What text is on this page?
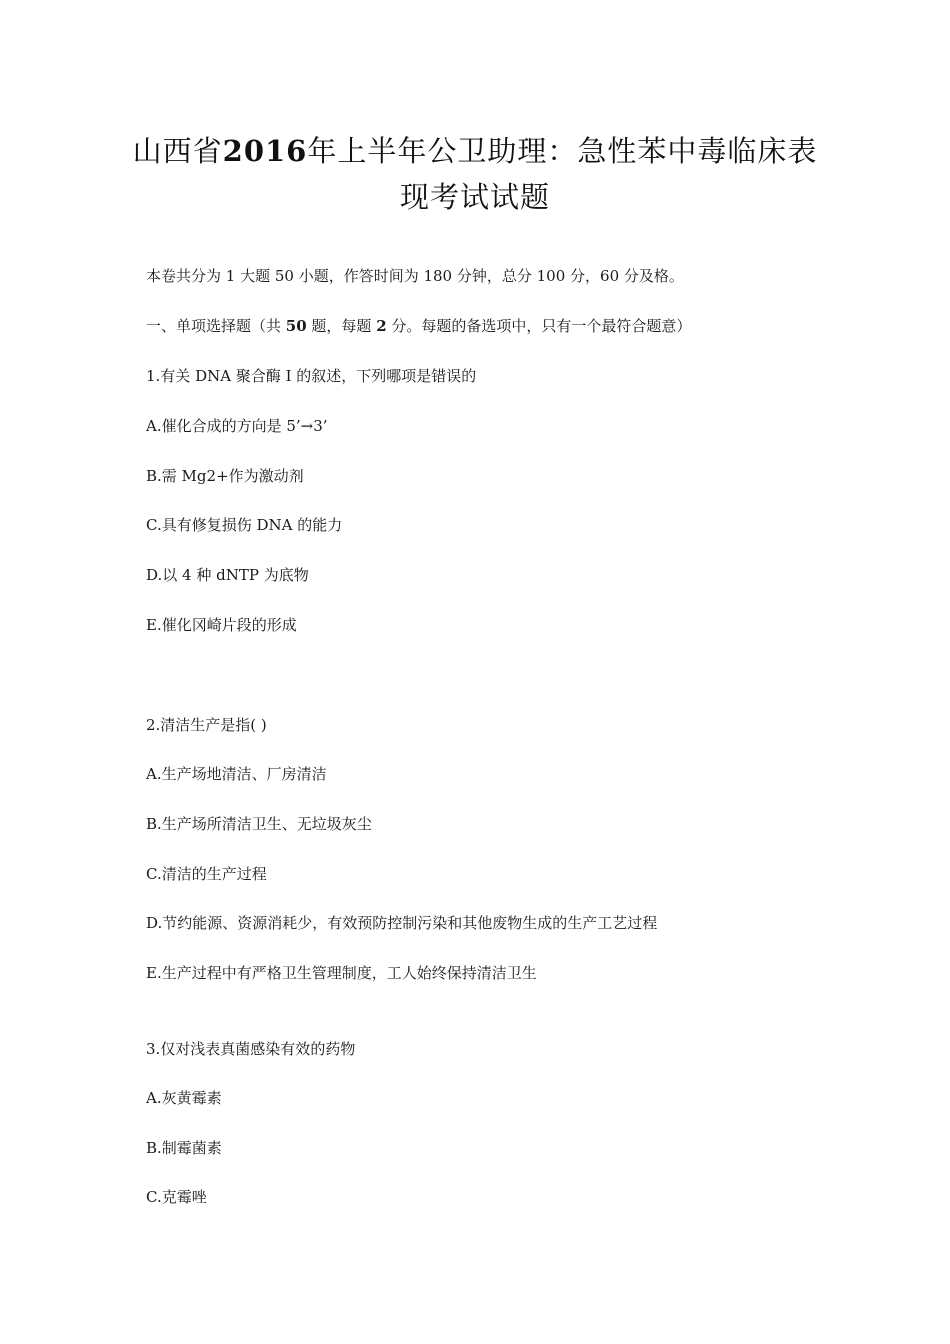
山西省2016年上半年公卫助理：急性苯中毒临床表
现考试试题
本卷共分为 1 大题 50 小题，作答时间为 180 分钟，总分 100 分，60 分及格。
一、单项选择题（共 50 题，每题 2 分。每题的备选项中，只有一个最符合题意）
1.有关 DNA 聚合酶 I 的叙述，下列哪项是错误的
A.催化合成的方向是 5’→3’
B.需 Mg2+作为激动剂
C.具有修复损伤 DNA 的能力
D.以 4 种 dNTP 为底物
E.催化冈崎片段的形成
2.清洁生产是指( )
A.生产场地清洁、厂房清洁
B.生产场所清洁卫生、无垃圾灰尘
C.清洁的生产过程
D.节约能源、资源消耗少，有效预防控制污染和其他废物生成的生产工艺过程
E.生产过程中有严格卫生管理制度，工人始终保持清洁卫生
3.仅对浅表真菌感染有效的药物
A.灰黄霉素
B.制霉菌素
C.克霉唑
